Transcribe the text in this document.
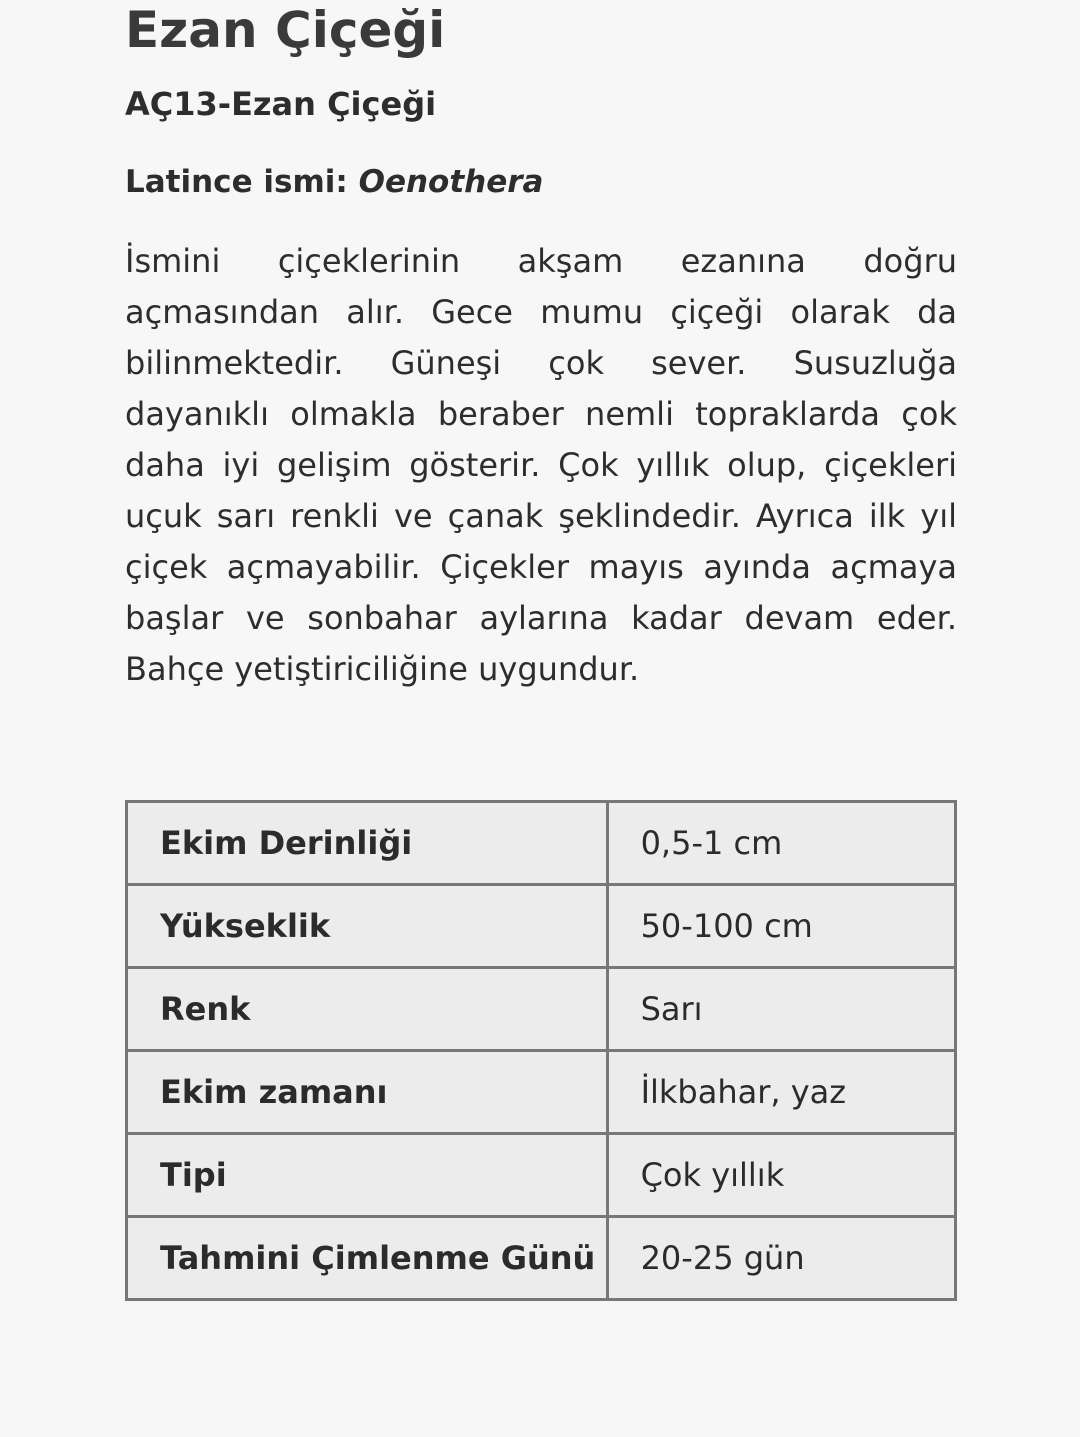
Ezan Çiçeği
AÇ13-Ezan Çiçeği
Latince ismi: Oenothera

İsmini çiçeklerinin akşam ezanına doğru açmasından alır. Gece mumu çiçeği olarak da bilinmektedir. Güneşi çok sever. Susuzluğa dayanıklı olmakla beraber nemli topraklarda çok daha iyi gelişim gösterir. Çok yıllık olup, çiçekleri uçuk sarı renkli ve çanak şeklindedir. Ayrıca ilk yıl çiçek açmayabilir. Çiçekler mayıs ayında açmaya başlar ve sonbahar aylarına kadar devam eder. Bahçe yetiştiriciliğine uygundur.

Ekim Derinliği	0,5-1 cm
Yükseklik	50-100 cm
Renk	Sarı
Ekim zamanı	İlkbahar, yaz
Tipi	Çok yıllık
Tahmini Çimlenme Günü	20-25 gün
